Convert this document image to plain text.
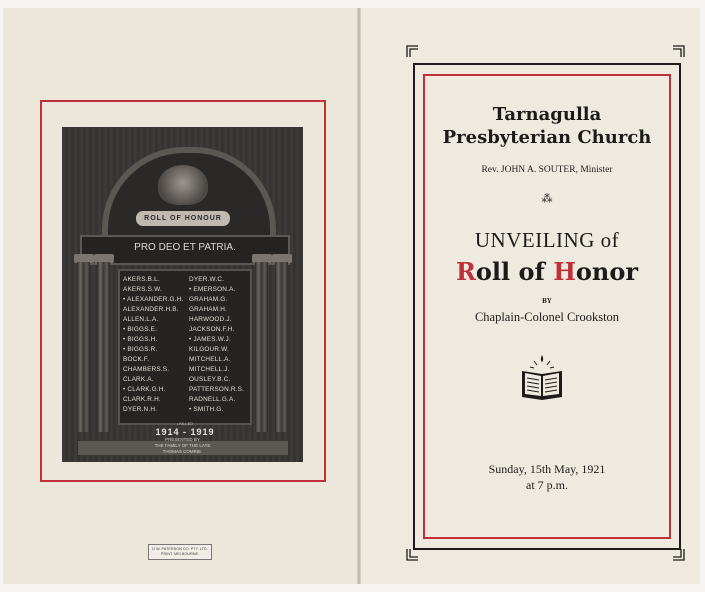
ROLL OF HONOUR
PRO DEO ET PATRIA.
AKERS.B.L.
AKERS.S.W.
• ALEXANDER.G.H.
ALEXANDER.H.B.
ALLEN.L.A.
• BIGGS.E.
• BIGGS.H.
• BIGGS.R.
BOCK.F.
CHAMBERS.S.
CLARK.A.
• CLARK.G.H.
CLARK.R.H.
DYER.N.H.
DYER.W.C.
• EMERSON.A.
GRAHAM.G.
GRAHAM.H.
HARWOOD.J.
JACKSON.F.H.
• JAMES.W.J.
KILGOUR.W.
MITCHELL.A.
MITCHELL.J.
OUSLEY.B.C.
PATTERSON.R.S.
RADNELL.G.A.
• SMITH.G.
• KILLED
1914 - 1919
PRESENTED BY
THE FAMILY OF THE LATE
THOMAS COMRIE.
D.W. PATERSON CO. PTY. LTD.
PRINT. MELBOURNE.
Tarnagulla
Presbyterian Church
Rev. JOHN A. SOUTER, Minister
⁂
UNVEILING of
Roll of Honor
BY
Chaplain-Colonel Crookston
Sunday, 15th May, 1921
at 7 p.m.
